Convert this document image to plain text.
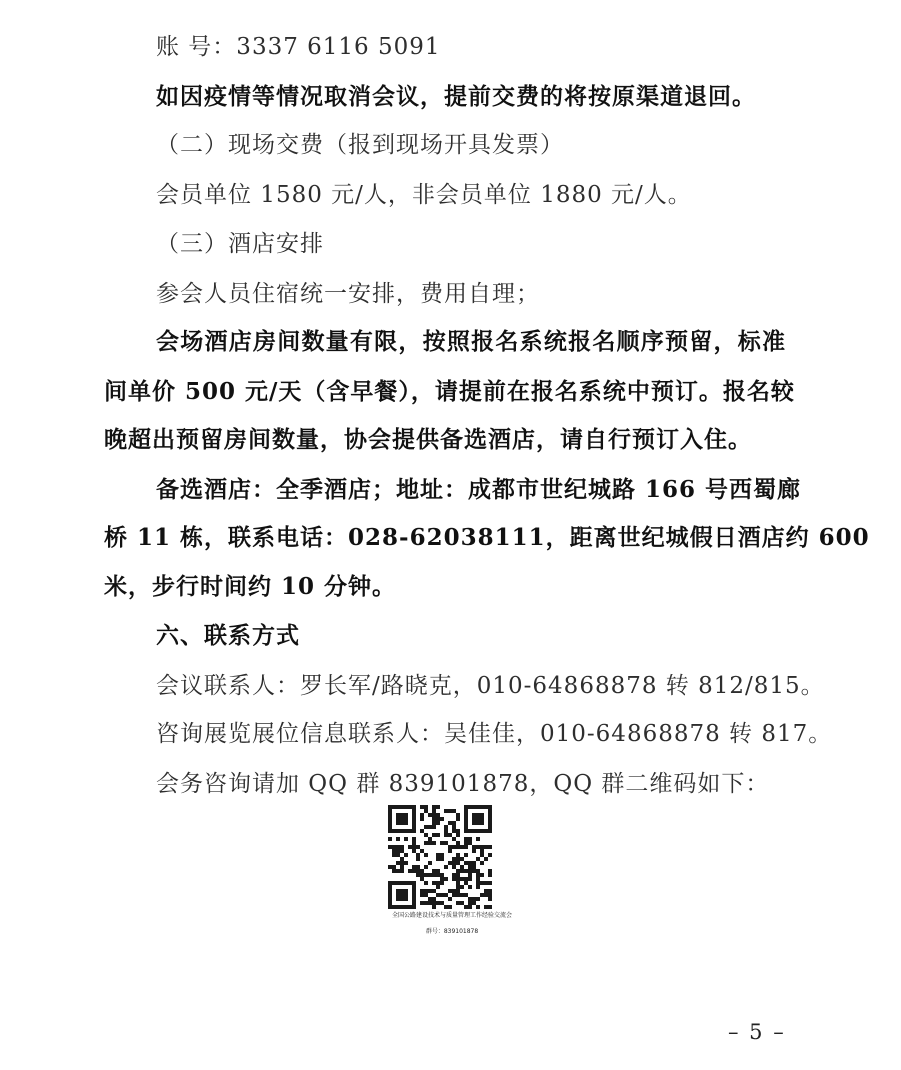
账 号：3337 6116 5091
如因疫情等情况取消会议，提前交费的将按原渠道退回。
（二）现场交费（报到现场开具发票）
会员单位 1580 元/人，非会员单位 1880 元/人。
（三）酒店安排
参会人员住宿统一安排，费用自理；
会场酒店房间数量有限，按照报名系统报名顺序预留，标准
间单价 500 元/天（含早餐），请提前在报名系统中预订。报名较
晚超出预留房间数量，协会提供备选酒店，请自行预订入住。
备选酒店：全季酒店；地址：成都市世纪城路 166 号西蜀廊
桥 11 栋，联系电话：028-62038111，距离世纪城假日酒店约 600
米，步行时间约 10 分钟。
六、联系方式
会议联系人：罗长军/路晓克，010-64868878 转 812/815。
咨询展览展位信息联系人：吴佳佳，010-64868878 转 817。
会务咨询请加 QQ 群 839101878，QQ 群二维码如下：
全国公路建设技术与质量管理工作经验交流会
群号：839101878
– 5 –
